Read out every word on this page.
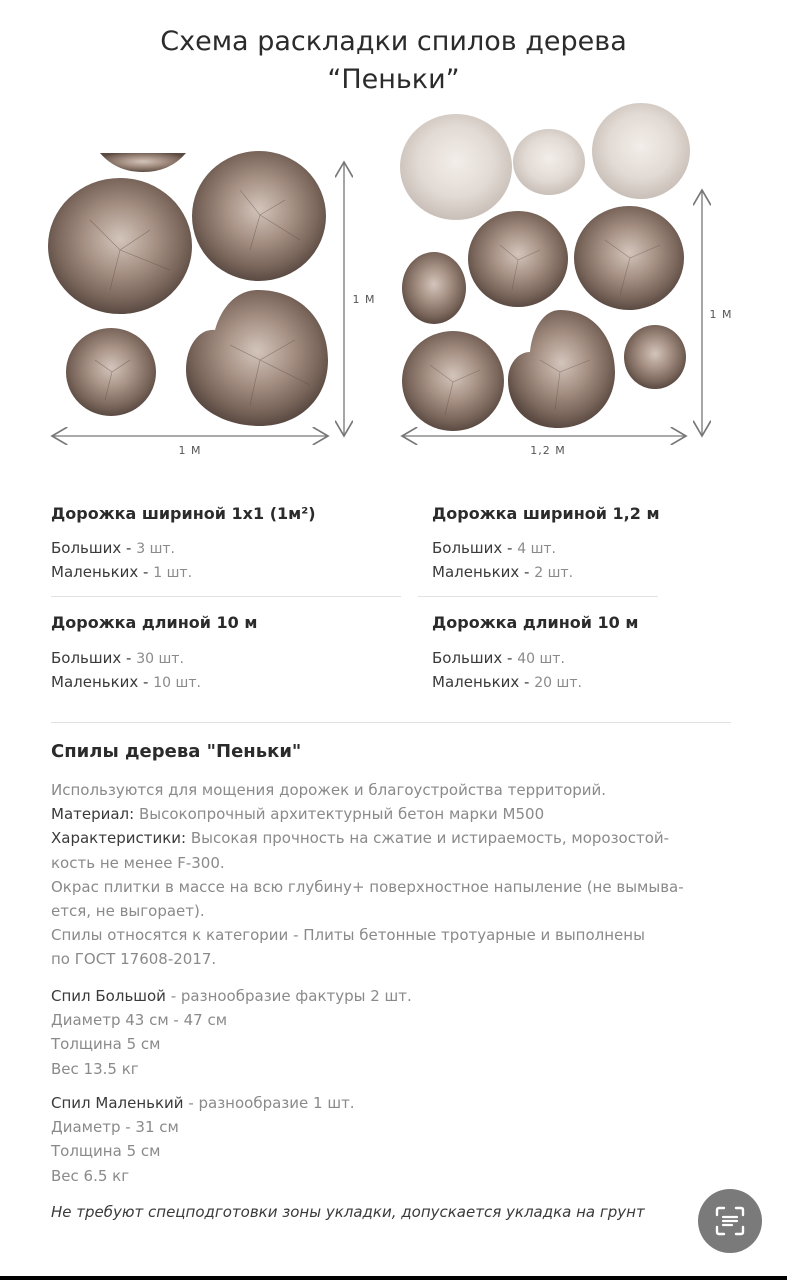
Схема раскладки спилов дерева
“Пеньки”
1 М
1 М
1,2 М
1 М
Дорожка шириной 1х1 (1м²)
Больших - 3 шт.
Маленьких - 1 шт.
Дорожка шириной 1,2 м
Больших - 4 шт.
Маленьких - 2 шт.
Дорожка длиной 10 м
Больших - 30 шт.
Маленьких - 10 шт.
Дорожка длиной 10 м
Больших - 40 шт.
Маленьких - 20 шт.
Спилы дерева "Пеньки"
Используются для мощения дорожек и благоустройства территорий.
Материал: Высокопрочный архитектурный бетон марки М500
Характеристики: Высокая прочность на сжатие и истираемость, морозостой-
кость не менее F-300.
Окрас плитки в массе на всю глубину+ поверхностное напыление (не вымыва-
ется, не выгорает).
Спилы относятся к категории - Плиты бетонные тротуарные и выполнены
по ГОСТ 17608-2017.
Спил Большой - разнообразие фактуры 2 шт.
Диаметр 43 см - 47 см
Толщина 5 см
Вес 13.5 кг
Спил Маленький - разнообразие 1 шт.
Диаметр - 31 см
Толщина 5 см
Вес 6.5 кг
Не требуют спецподготовки зоны укладки, допускается укладка на грунт
